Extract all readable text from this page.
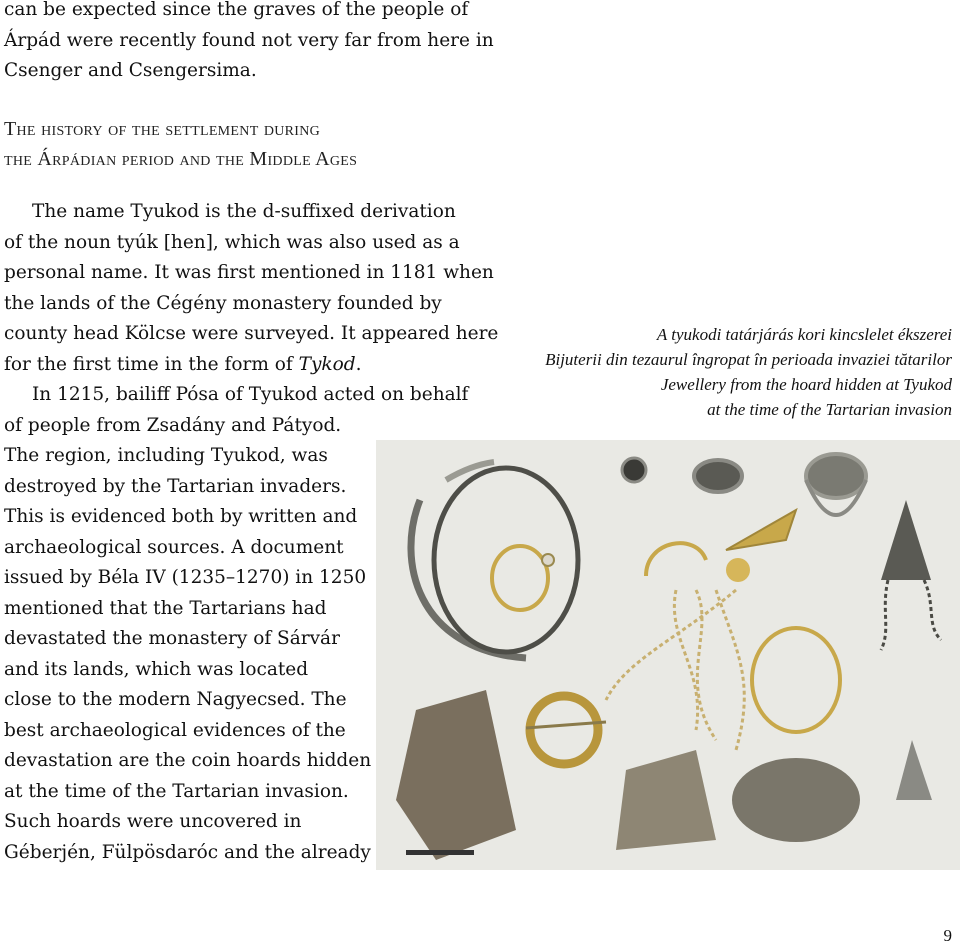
can be expected since the graves of the people of
Árpád were recently found not very far from here in
Csenger and Csengersima.
The history of the settlement during
the Árpádian period and the Middle Ages
The name Tyukod is the d-suffixed derivation
of the noun tyúk [hen], which was also used as a
personal name. It was first mentioned in 1181 when
the lands of the Cégény monastery founded by
county head Kölcse were surveyed. It appeared here
for the first time in the form of Tykod.
In 1215, bailiff Pósa of Tyukod acted on behalf
of people from Zsadány and Pátyod.
The region, including Tyukod, was
destroyed by the Tartarian invaders.
This is evidenced both by written and
archaeological sources. A document
issued by Béla IV (1235–1270) in 1250
mentioned that the Tartarians had
devastated the monastery of Sárvár
and its lands, which was located
close to the modern Nagyecsed. The
best archaeological evidences of the
devastation are the coin hoards hidden
at the time of the Tartarian invasion.
Such hoards were uncovered in
Géberjén, Fülpösdaróc and the already
A tyukodi tatárjárás kori kincslelet ékszerei
Bijuterii din tezaurul îngropat în perioada invaziei tătarilor
Jewellery from the hoard hidden at Tyukod
at the time of the Tartarian invasion
9
